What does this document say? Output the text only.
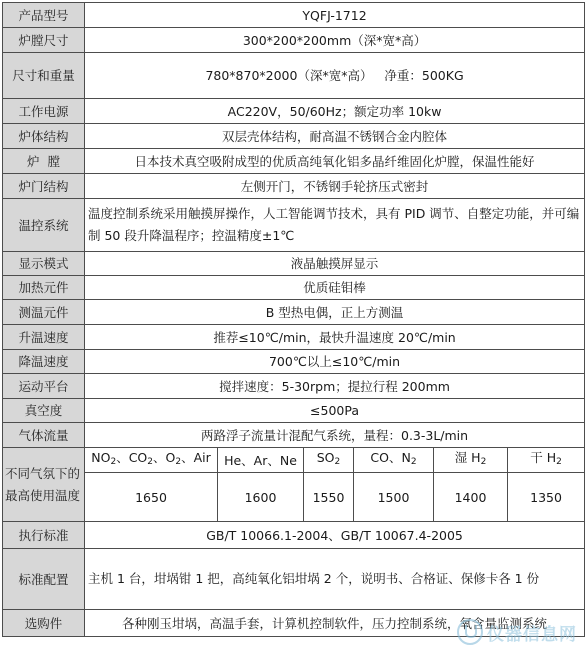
产品型号	YQFJ-1712					
炉膛尺寸	300*200*200mm（深*宽*高）					
尺寸和重量	780*870*2000（深*宽*高）   净重：500KG					
工作电源	AC220V，50/60Hz；额定功率 10kw					
炉体结构	双层壳体结构，耐高温不锈钢合金内腔体					
炉  膛	日本技术真空吸附成型的优质高纯氧化铝多晶纤维固化炉膛，保温性能好					
炉门结构	左侧开门，不锈钢手轮挤压式密封					
温控系统	温度控制系统采用触摸屏操作，人工智能调节技术，具有 PID 调节、自整定功能，并可编制 50 段升降温程序；控温精度±1℃					
显示模式	液晶触摸屏显示					
加热元件	优质硅钼棒					
测温元件	B 型热电偶，正上方测温					
升温速度	推荐≤10℃/min，最快升温速度 20℃/min					
降温速度	700℃以上≤10℃/min					
运动平台	搅拌速度：5-30rpm；提拉行程 200mm					
真空度	≤500Pa					
气体流量	两路浮子流量计混配气系统，量程：0.3-3L/min					
不同气氛下的最高使用温度	$NO_2$、$CO_2$、$O_2$、Air	He、Ar、Ne	$SO_2$	CO、$N_2$	湿 $H_2$	干 $H_2$
	1650	1600	1550	1500	1400	1350
执行标准	GB/T 10066.1-2004、GB/T 10067.4-2005					
标准配置	主机 1 台，坩埚钳 1 把，高纯氧化铝坩埚 2 个，说明书、合格证、保修卡各 1 份					
选购件	各种刚玉坩埚，高温手套，计算机控制软件，压力控制系统，氧含量监测系统					
仪器信息网
